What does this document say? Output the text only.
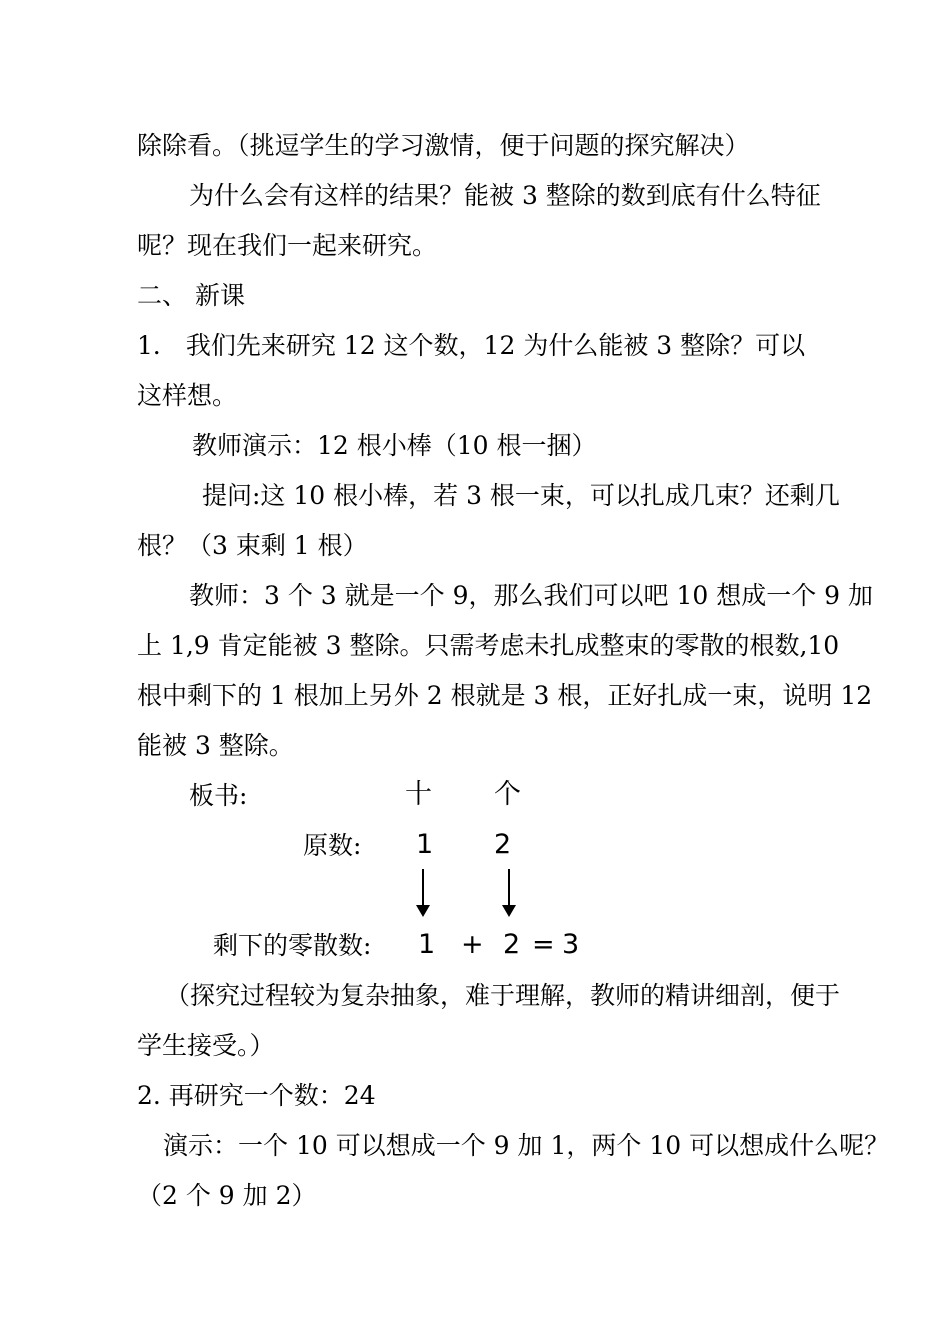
除除看。（挑逗学生的学习激情，便于问题的探究解决）
为什么会有这样的结果？能被 3 整除的数到底有什么特征
呢？现在我们一起来研究。
二、 新课
1． 我们先来研究 12 这个数，12 为什么能被 3 整除？可以
这样想。
教师演示：12 根小棒（10 根一捆）
提问:这 10 根小棒，若 3 根一束，可以扎成几束？还剩几
根？（3 束剩 1 根）
教师：3 个 3 就是一个 9，那么我们可以吧 10 想成一个 9 加
上 1,9 肯定能被 3 整除。只需考虑未扎成整束的零散的根数,10
根中剩下的 1 根加上另外 2 根就是 3 根，正好扎成一束，说明 12
能被 3 整除。
板书:	十 个
原数: 1 2
剩下的零散数: 1 + 2 = 3
（探究过程较为复杂抽象，难于理解，教师的精讲细剖，便于
学生接受。）
2. 再研究一个数：24
演示：一个 10 可以想成一个 9 加 1，两个 10 可以想成什么呢？
（2 个 9 加 2）
